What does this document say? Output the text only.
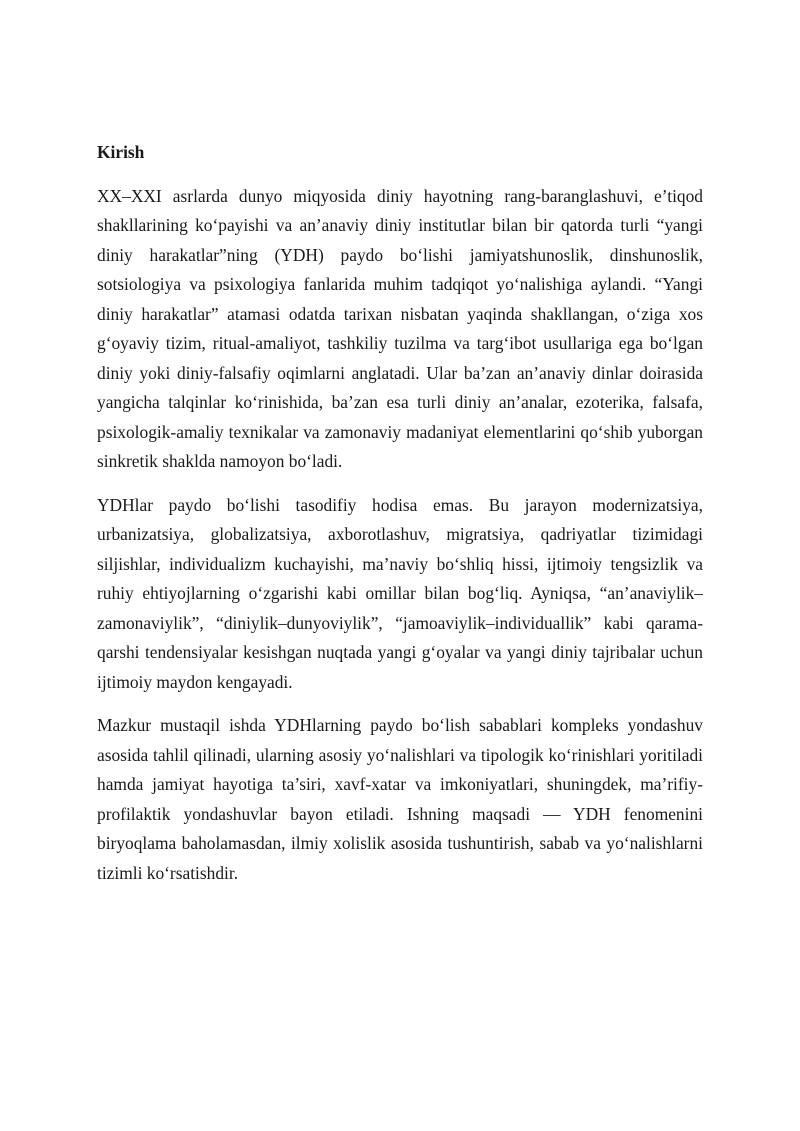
Kirish

XX–XXI asrlarda dunyo miqyosida diniy hayotning rang-baranglashuvi, e’tiqod shakllarining ko‘payishi va an’anaviy diniy institutlar bilan bir qatorda turli “yangi diniy harakatlar”ning (YDH) paydo bo‘lishi jamiyatshunoslik, dinshunoslik, sotsiologiya va psixologiya fanlarida muhim tadqiqot yo‘nalishiga aylandi. “Yangi diniy harakatlar” atamasi odatda tarixan nisbatan yaqinda shakllangan, o‘ziga xos g‘oyaviy tizim, ritual-amaliyot, tashkiliy tuzilma va targ‘ibot usullariga ega bo‘lgan diniy yoki diniy-falsafiy oqimlarni anglatadi. Ular ba’zan an’anaviy dinlar doirasida yangicha talqinlar ko‘rinishida, ba’zan esa turli diniy an’analar, ezoterika, falsafa, psixologik-amaliy texnikalar va zamonaviy madaniyat elementlarini qo‘shib yuborgan sinkretik shaklda namoyon bo‘ladi.

YDHlar paydo bo‘lishi tasodifiy hodisa emas. Bu jarayon modernizatsiya, urbanizatsiya, globalizatsiya, axborotlashuv, migratsiya, qadriyatlar tizimidagi siljishlar, individualizm kuchayishi, ma’naviy bo‘shliq hissi, ijtimoiy tengsizlik va ruhiy ehtiyojlarning o‘zgarishi kabi omillar bilan bog‘liq. Ayniqsa, “an’anaviylik–zamonaviylik”, “diniylik–dunyoviylik”, “jamoaviylik–individuallik” kabi qarama-qarshi tendensiyalar kesishgan nuqtada yangi g‘oyalar va yangi diniy tajribalar uchun ijtimoiy maydon kengayadi.

Mazkur mustaqil ishda YDHlarning paydo bo‘lish sabablari kompleks yondashuv asosida tahlil qilinadi, ularning asosiy yo‘nalishlari va tipologik ko‘rinishlari yoritiladi hamda jamiyat hayotiga ta’siri, xavf-xatar va imkoniyatlari, shuningdek, ma’rifiy-profilaktik yondashuvlar bayon etiladi. Ishning maqsadi — YDH fenomenini biryoqlama baholamasdan, ilmiy xolislik asosida tushuntirish, sabab va yo‘nalishlarni tizimli ko‘rsatishdir.
